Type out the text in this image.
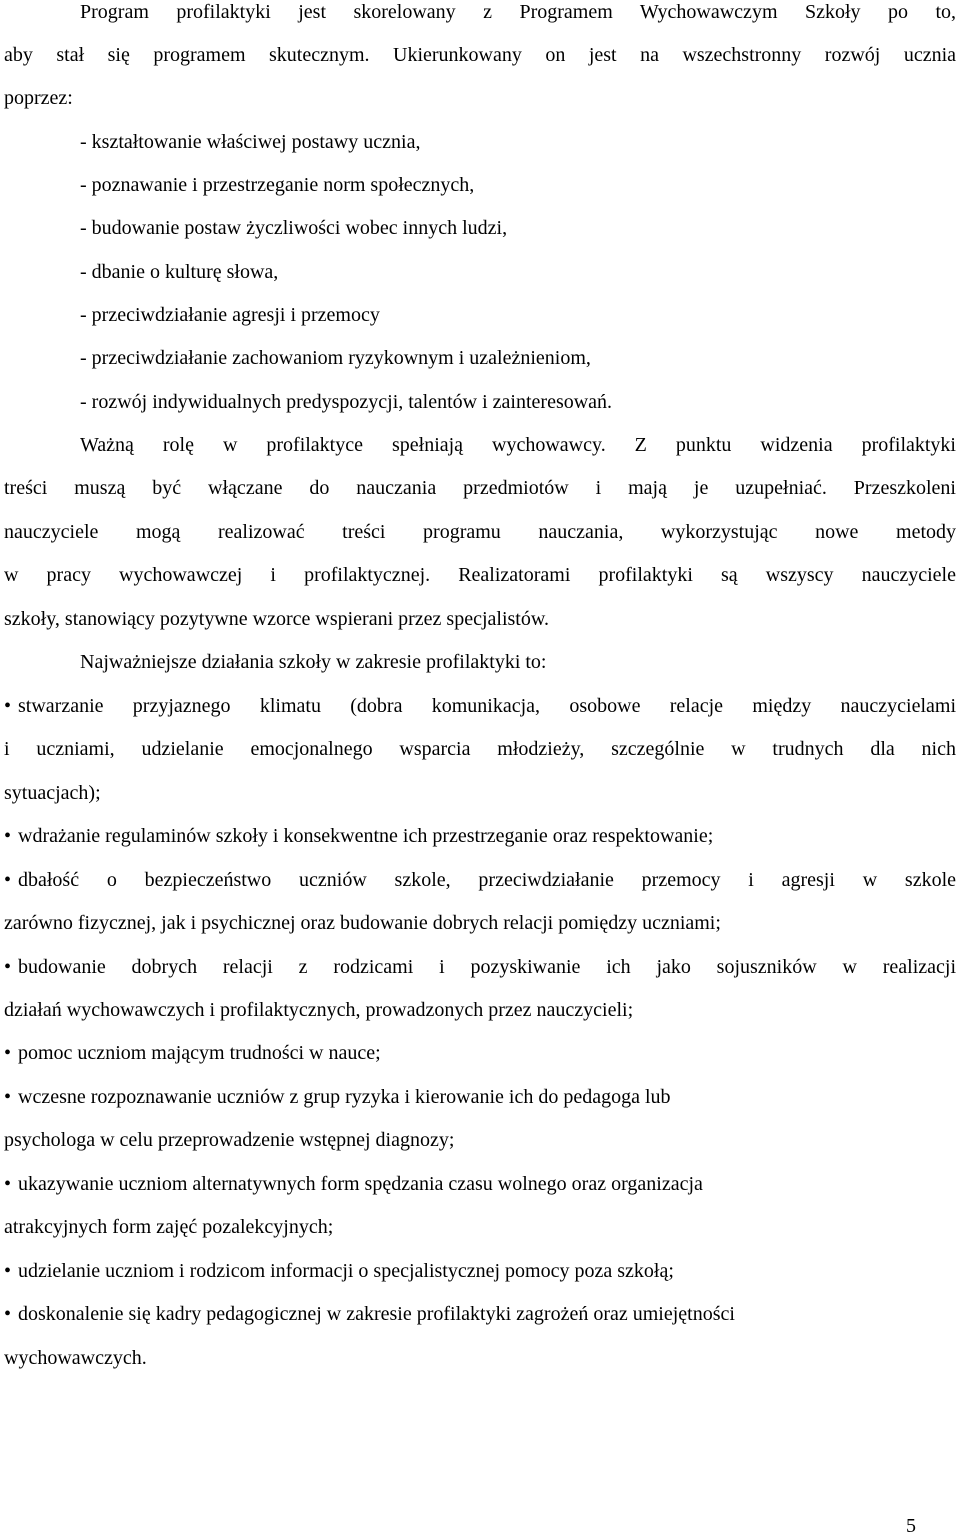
Program profilaktyki jest skorelowany z Programem Wychowawczym Szkoły po to,
aby stał się programem skutecznym. Ukierunkowany on jest na wszechstronny rozwój ucznia
poprzez:
- kształtowanie właściwej postawy ucznia,
- poznawanie i przestrzeganie norm społecznych,
- budowanie postaw życzliwości wobec innych ludzi,
- dbanie o kulturę słowa,
- przeciwdziałanie agresji i przemocy
- przeciwdziałanie zachowaniom ryzykownym i uzależnieniom,
- rozwój indywidualnych predyspozycji, talentów i zainteresowań.
Ważną rolę w profilaktyce spełniają wychowawcy. Z punktu widzenia profilaktyki
treści muszą być włączane do nauczania przedmiotów i mają je uzupełniać. Przeszkoleni
nauczyciele mogą realizować treści programu nauczania, wykorzystując nowe metody
w pracy wychowawczej i profilaktycznej. Realizatorami profilaktyki są wszyscy nauczyciele
szkoły, stanowiący pozytywne wzorce wspierani przez specjalistów.
Najważniejsze działania szkoły w zakresie profilaktyki to:
• stwarzanie przyjaznego klimatu (dobra komunikacja, osobowe relacje między nauczycielami
i uczniami, udzielanie emocjonalnego wsparcia młodzieży, szczególnie w trudnych dla nich
sytuacjach);
• wdrażanie regulaminów szkoły i konsekwentne ich przestrzeganie oraz respektowanie;
• dbałość o bezpieczeństwo uczniów szkole, przeciwdziałanie przemocy i agresji w szkole
zarówno fizycznej, jak i psychicznej oraz budowanie dobrych relacji pomiędzy uczniami;
• budowanie dobrych relacji z rodzicami i pozyskiwanie ich jako sojuszników w realizacji
działań wychowawczych i profilaktycznych, prowadzonych przez nauczycieli;
• pomoc uczniom mającym trudności w nauce;
• wczesne rozpoznawanie uczniów z grup ryzyka i kierowanie ich do pedagoga lub
psychologa w celu przeprowadzenie wstępnej diagnozy;
• ukazywanie uczniom alternatywnych form spędzania czasu wolnego oraz organizacja
atrakcyjnych form zajęć pozalekcyjnych;
• udzielanie uczniom i rodzicom informacji o specjalistycznej pomocy poza szkołą;
• doskonalenie się kadry pedagogicznej w zakresie profilaktyki zagrożeń oraz umiejętności
wychowawczych.
5
